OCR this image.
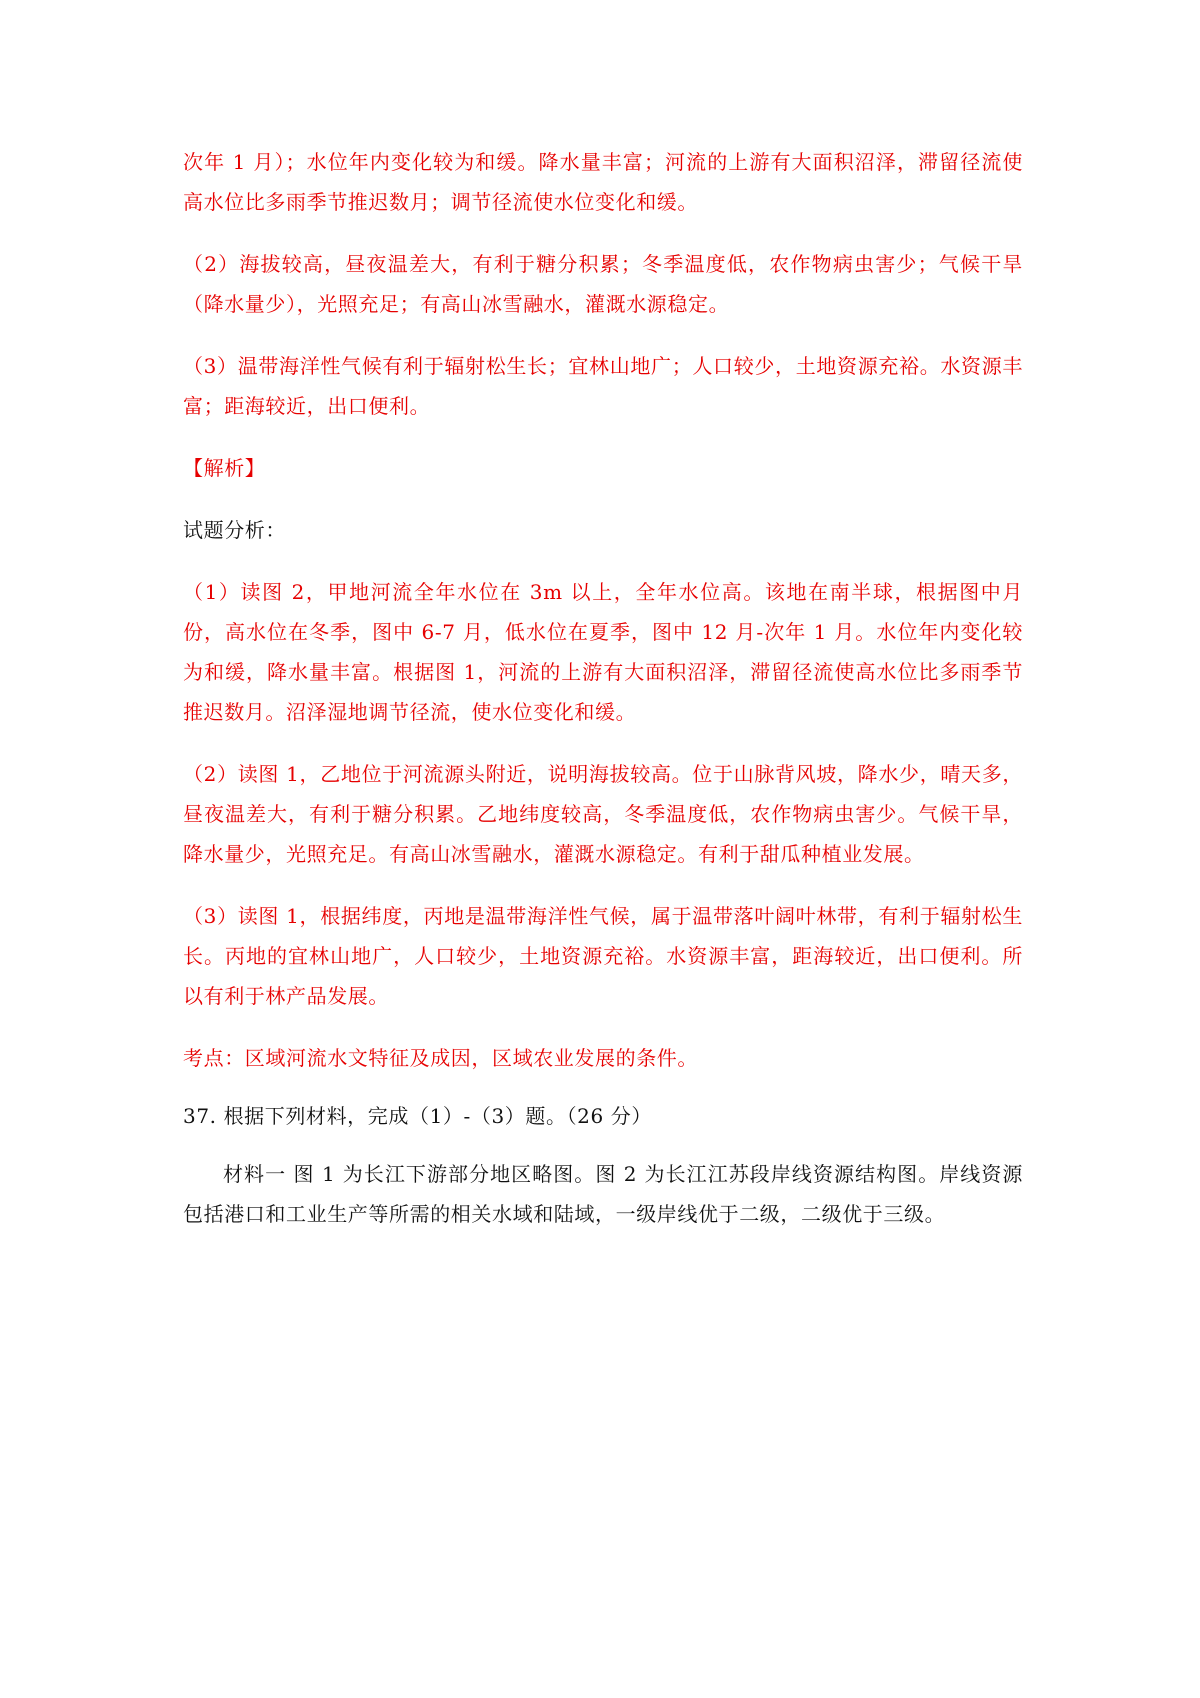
次年 1 月）；水位年内变化较为和缓。降水量丰富；河流的上游有大面积沼泽，滞留径流使高水位比多雨季节推迟数月；调节径流使水位变化和缓。

（2）海拔较高，昼夜温差大，有利于糖分积累；冬季温度低，农作物病虫害少；气候干旱（降水量少），光照充足；有高山冰雪融水，灌溉水源稳定。

（3）温带海洋性气候有利于辐射松生长；宜林山地广；人口较少，土地资源充裕。水资源丰富；距海较近，出口便利。

【解析】

试题分析：

（1）读图 2，甲地河流全年水位在 3m 以上，全年水位高。该地在南半球，根据图中月份，高水位在冬季，图中 6-7 月，低水位在夏季，图中 12 月-次年 1 月。水位年内变化较为和缓，降水量丰富。根据图 1，河流的上游有大面积沼泽，滞留径流使高水位比多雨季节推迟数月。沼泽湿地调节径流，使水位变化和缓。

（2）读图 1，乙地位于河流源头附近，说明海拔较高。位于山脉背风坡，降水少，晴天多，昼夜温差大，有利于糖分积累。乙地纬度较高，冬季温度低，农作物病虫害少。气候干旱，降水量少，光照充足。有高山冰雪融水，灌溉水源稳定。有利于甜瓜种植业发展。

（3）读图 1，根据纬度，丙地是温带海洋性气候，属于温带落叶阔叶林带，有利于辐射松生长。丙地的宜林山地广，人口较少，土地资源充裕。水资源丰富，距海较近，出口便利。所以有利于林产品发展。

考点：区域河流水文特征及成因，区域农业发展的条件。

37. 根据下列材料，完成（1）-（3）题。（26 分）

材料一 图 1 为长江下游部分地区略图。图 2 为长江江苏段岸线资源结构图。岸线资源包括港口和工业生产等所需的相关水域和陆域，一级岸线优于二级，二级优于三级。
